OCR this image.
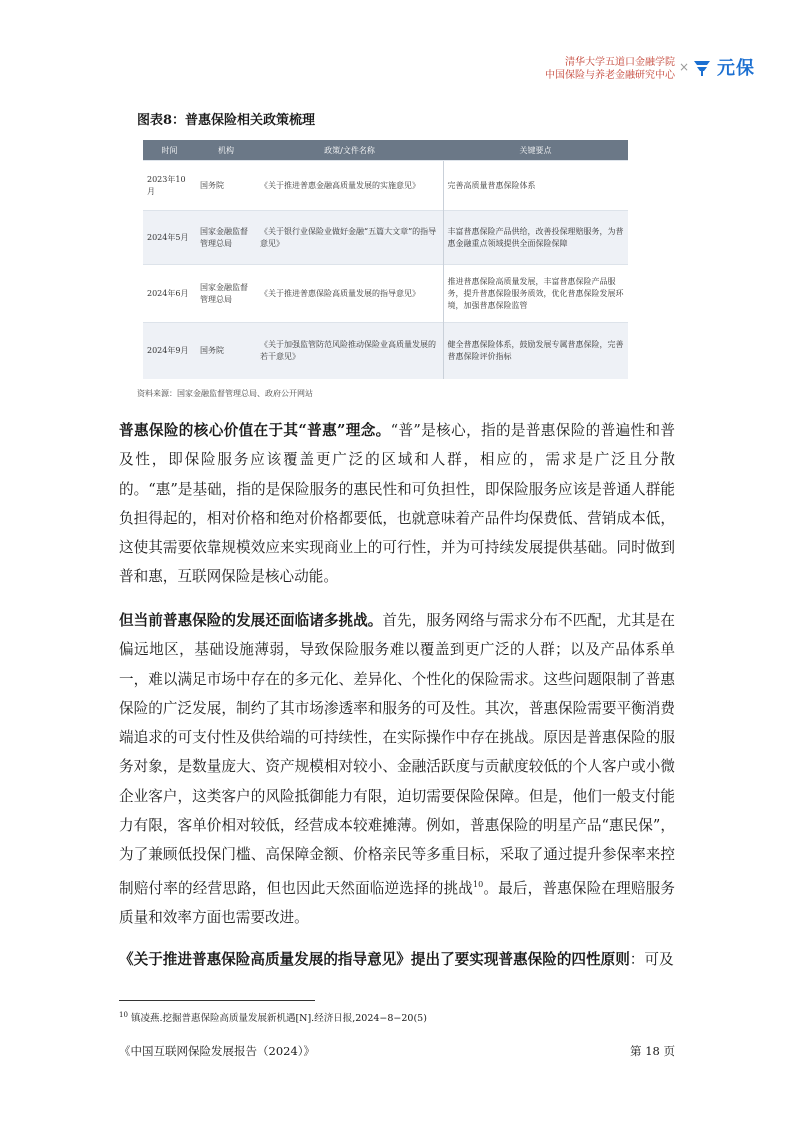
清华大学五道口金融学院
中国保险与养老金融研究中心
× 元保
图表8：普惠保险相关政策梳理
时间	机构	政策/文件名称	关键要点
2023年10月	国务院	《关于推进普惠金融高质量发展的实施意见》	完善高质量普惠保险体系
2024年5月	国家金融监督管理总局	《关于银行业保险业做好金融“五篇大文章”的指导意见》	丰富普惠保险产品供给，改善投保理赔服务，为普惠金融重点领域提供全面保险保障
2024年6月	国家金融监督管理总局	《关于推进普惠保险高质量发展的指导意见》	推进普惠保险高质量发展，丰富普惠保险产品服务，提升普惠保险服务质效，优化普惠保险发展环境，加强普惠保险监管
2024年9月	国务院	《关于加强监管防范风险推动保险业高质量发展的若干意见》	健全普惠保险体系，鼓励发展专属普惠保险，完善普惠保险评价指标
资料来源：国家金融监督管理总局、政府公开网站
普惠保险的核心价值在于其“普惠”理念。“普”是核心，指的是普惠保险的普遍性和普及性，即保险服务应该覆盖更广泛的区域和人群，相应的，需求是广泛且分散的。“惠”是基础，指的是保险服务的惠民性和可负担性，即保险服务应该是普通人群能负担得起的，相对价格和绝对价格都要低，也就意味着产品件均保费低、营销成本低，这使其需要依靠规模效应来实现商业上的可行性，并为可持续发展提供基础。同时做到普和惠，互联网保险是核心动能。
但当前普惠保险的发展还面临诸多挑战。首先，服务网络与需求分布不匹配，尤其是在偏远地区，基础设施薄弱，导致保险服务难以覆盖到更广泛的人群；以及产品体系单一，难以满足市场中存在的多元化、差异化、个性化的保险需求。这些问题限制了普惠保险的广泛发展，制约了其市场渗透率和服务的可及性。其次，普惠保险需要平衡消费端追求的可支付性及供给端的可持续性，在实际操作中存在挑战。原因是普惠保险的服务对象，是数量庞大、资产规模相对较小、金融活跃度与贡献度较低的个人客户或小微企业客户，这类客户的风险抵御能力有限，迫切需要保险保障。但是，他们一般支付能力有限，客单价相对较低，经营成本较难摊薄。例如，普惠保险的明星产品“惠民保”，为了兼顾低投保门槛、高保障金额、价格亲民等多重目标，采取了通过提升参保率来控制赔付率的经营思路，但也因此天然面临逆选择的挑战$^{10}$。最后，普惠保险在理赔服务质量和效率方面也需要改进。
《关于推进普惠保险高质量发展的指导意见》提出了要实现普惠保险的四性原则：可及
$^{10}$ 镇凌燕.挖掘普惠保险高质量发展新机遇[N].经济日报,2024−8−20(5)
《中国互联网保险发展报告（2024）》	第 18 页
